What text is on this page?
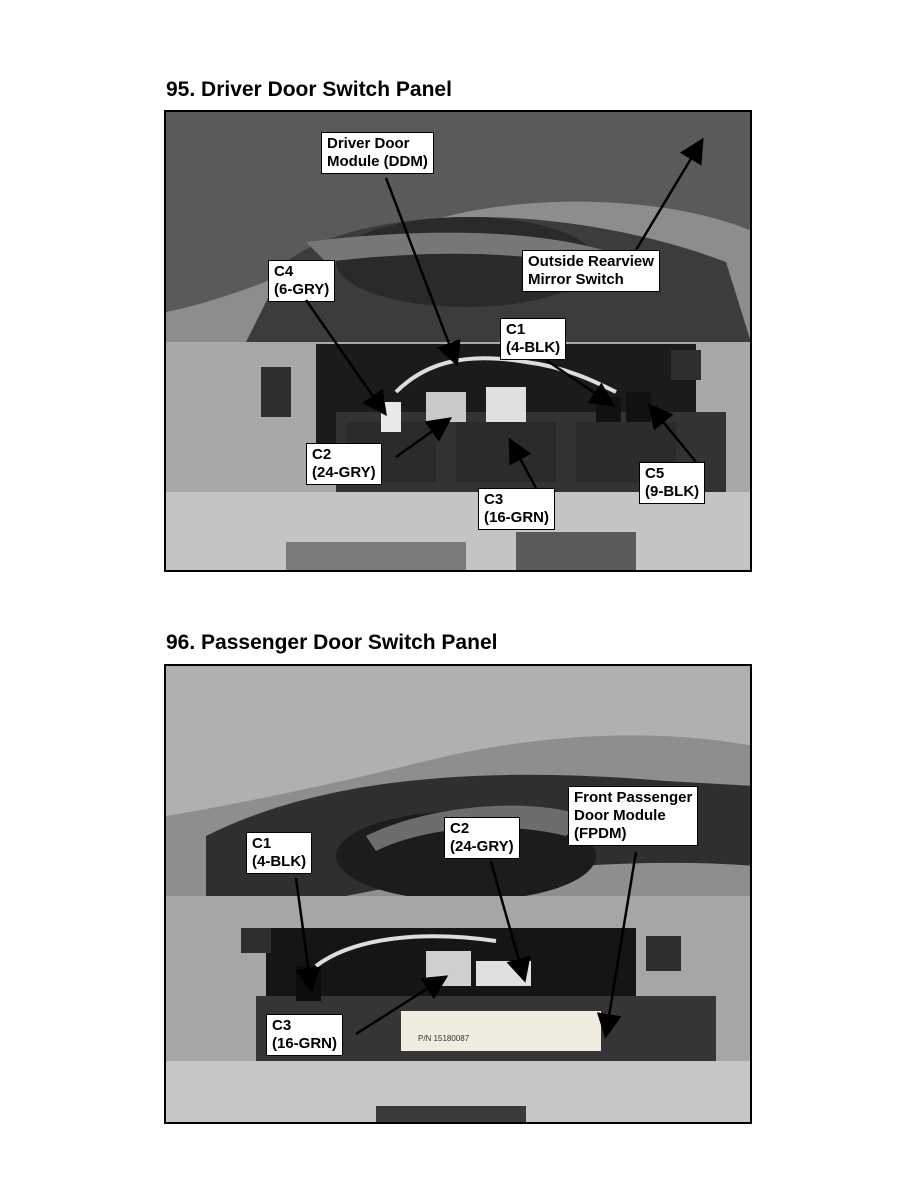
95. Driver Door Switch Panel
Driver Door
Module (DDM)
Outside Rearview
Mirror Switch
C4
(6-GRY)
C1
(4-BLK)
C2
(24-GRY)
C3
(16-GRN)
C5
(9-BLK)
96. Passenger Door Switch Panel
P/N 15180087
Front Passenger
Door Module
(FPDM)
C2
(24-GRY)
C1
(4-BLK)
C3
(16-GRN)
